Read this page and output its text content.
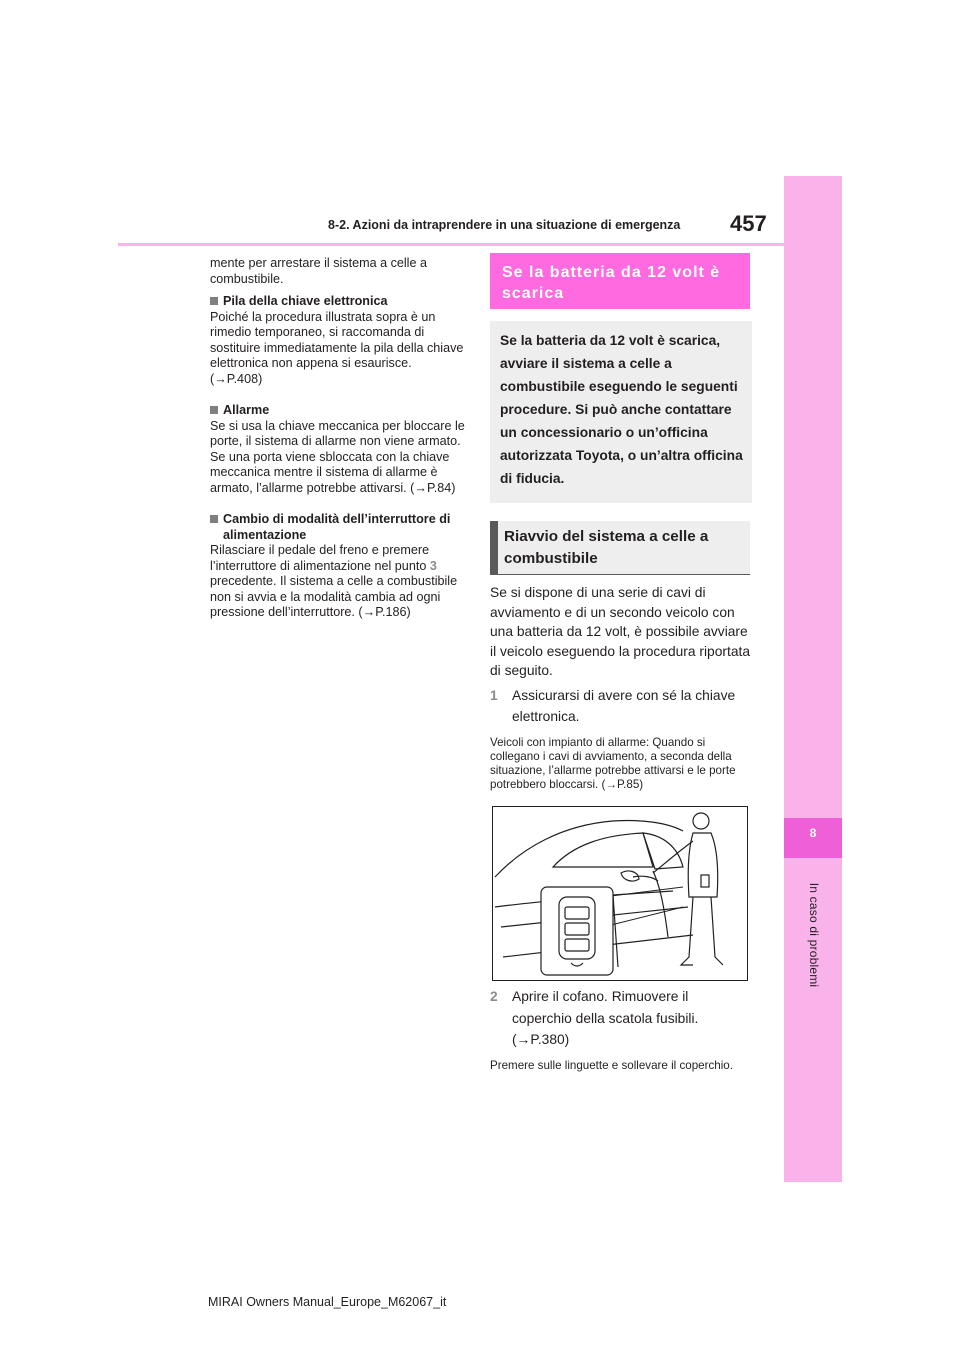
8
In caso di problemi
8-2. Azioni da intraprendere in una situazione di emergenza 457
mente per arrestare il sistema a celle a combustibile.
Pila della chiave elettronica
Poiché la procedura illustrata sopra è un rimedio temporaneo, si raccomanda di sostituire immediatamente la pila della chiave elettronica non appena si esaurisce.
(→P.408)
Allarme
Se si usa la chiave meccanica per bloccare le porte, il sistema di allarme non viene armato. Se una porta viene sbloccata con la chiave meccanica mentre il sistema di allarme è armato, l’allarme potrebbe attivarsi. (→P.84)
Cambio di modalità dell’interruttore di alimentazione
Rilasciare il pedale del freno e premere l’interruttore di alimentazione nel punto 3 precedente. Il sistema a celle a combustibile non si avvia e la modalità cambia ad ogni pressione dell’interruttore. (→P.186)
Se la batteria da 12 volt è scarica
Se la batteria da 12 volt è scarica, avviare il sistema a celle a combustibile eseguendo le seguenti procedure. Si può anche contattare un concessionario o un’officina autorizzata Toyota, o un’altra officina di fiducia.
Riavvio del sistema a celle a combustibile
Se si dispone di una serie di cavi di avviamento e di un secondo veicolo con una batteria da 12 volt, è possibile avviare il veicolo eseguendo la procedura riportata di seguito.
1 Assicurarsi di avere con sé la chiave elettronica.
Veicoli con impianto di allarme: Quando si collegano i cavi di avviamento, a seconda della situazione, l’allarme potrebbe attivarsi e le porte potrebbero bloccarsi. (→P.85)
2 Aprire il cofano. Rimuovere il coperchio della scatola fusibili. (→P.380)
Premere sulle linguette e sollevare il coperchio.
MIRAI Owners Manual_Europe_M62067_it
